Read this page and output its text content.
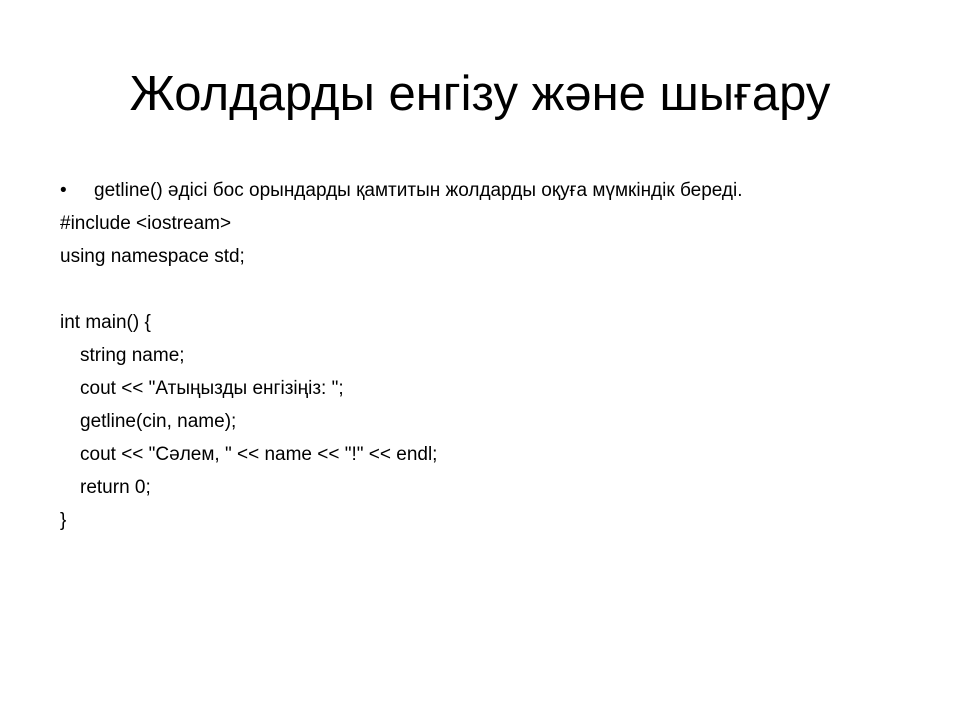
Жолдарды енгізу және шығару
• getline() әдісі бос орындарды қамтитын жолдарды оқуға мүмкіндік береді.
#include <iostream>
using namespace std;
int main() {
string name;
cout << "Атыңызды енгізіңіз: ";
getline(cin, name);
cout << "Сәлем, " << name << "!" << endl;
return 0;
}
